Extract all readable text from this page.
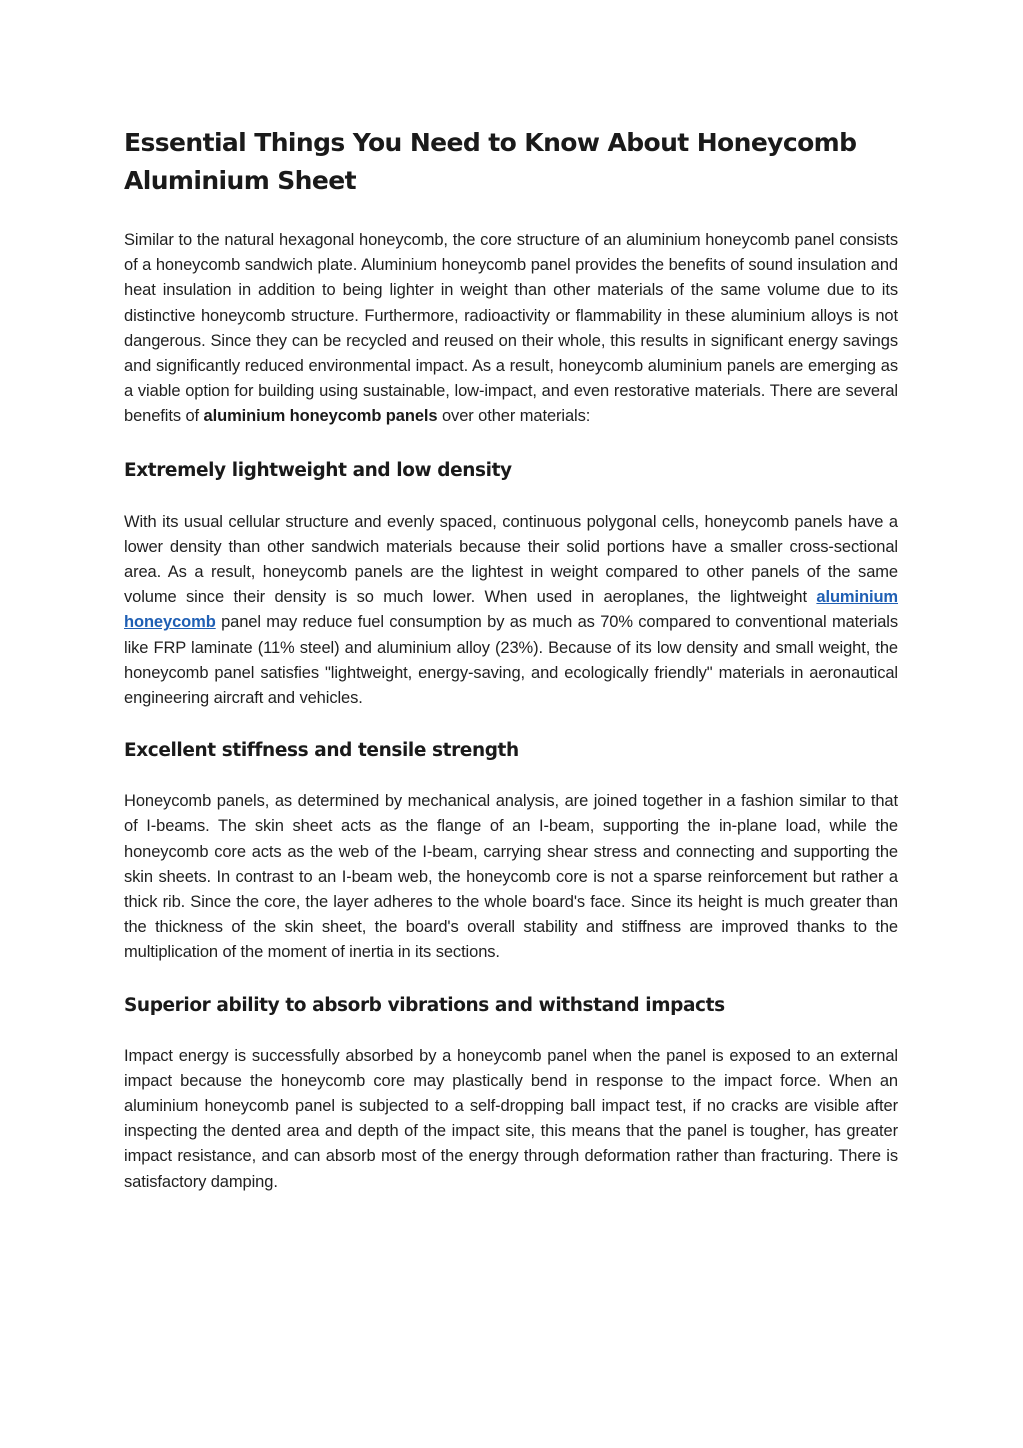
Essential Things You Need to Know About Honeycomb Aluminium Sheet

Similar to the natural hexagonal honeycomb, the core structure of an aluminium honeycomb panel consists of a honeycomb sandwich plate. Aluminium honeycomb panel provides the benefits of sound insulation and heat insulation in addition to being lighter in weight than other materials of the same volume due to its distinctive honeycomb structure. Furthermore, radioactivity or flammability in these aluminium alloys is not dangerous. Since they can be recycled and reused on their whole, this results in significant energy savings and significantly reduced environmental impact. As a result, honeycomb aluminium panels are emerging as a viable option for building using sustainable, low-impact, and even restorative materials. There are several benefits of aluminium honeycomb panels over other materials:

Extremely lightweight and low density

With its usual cellular structure and evenly spaced, continuous polygonal cells, honeycomb panels have a lower density than other sandwich materials because their solid portions have a smaller cross-sectional area. As a result, honeycomb panels are the lightest in weight compared to other panels of the same volume since their density is so much lower. When used in aeroplanes, the lightweight aluminium honeycomb panel may reduce fuel consumption by as much as 70% compared to conventional materials like FRP laminate (11% steel) and aluminium alloy (23%). Because of its low density and small weight, the honeycomb panel satisfies "lightweight, energy-saving, and ecologically friendly" materials in aeronautical engineering aircraft and vehicles.

Excellent stiffness and tensile strength

Honeycomb panels, as determined by mechanical analysis, are joined together in a fashion similar to that of I-beams. The skin sheet acts as the flange of an I-beam, supporting the in-plane load, while the honeycomb core acts as the web of the I-beam, carrying shear stress and connecting and supporting the skin sheets. In contrast to an I-beam web, the honeycomb core is not a sparse reinforcement but rather a thick rib. Since the core, the layer adheres to the whole board's face. Since its height is much greater than the thickness of the skin sheet, the board's overall stability and stiffness are improved thanks to the multiplication of the moment of inertia in its sections.

Superior ability to absorb vibrations and withstand impacts

Impact energy is successfully absorbed by a honeycomb panel when the panel is exposed to an external impact because the honeycomb core may plastically bend in response to the impact force. When an aluminium honeycomb panel is subjected to a self-dropping ball impact test, if no cracks are visible after inspecting the dented area and depth of the impact site, this means that the panel is tougher, has greater impact resistance, and can absorb most of the energy through deformation rather than fracturing. There is satisfactory damping.
